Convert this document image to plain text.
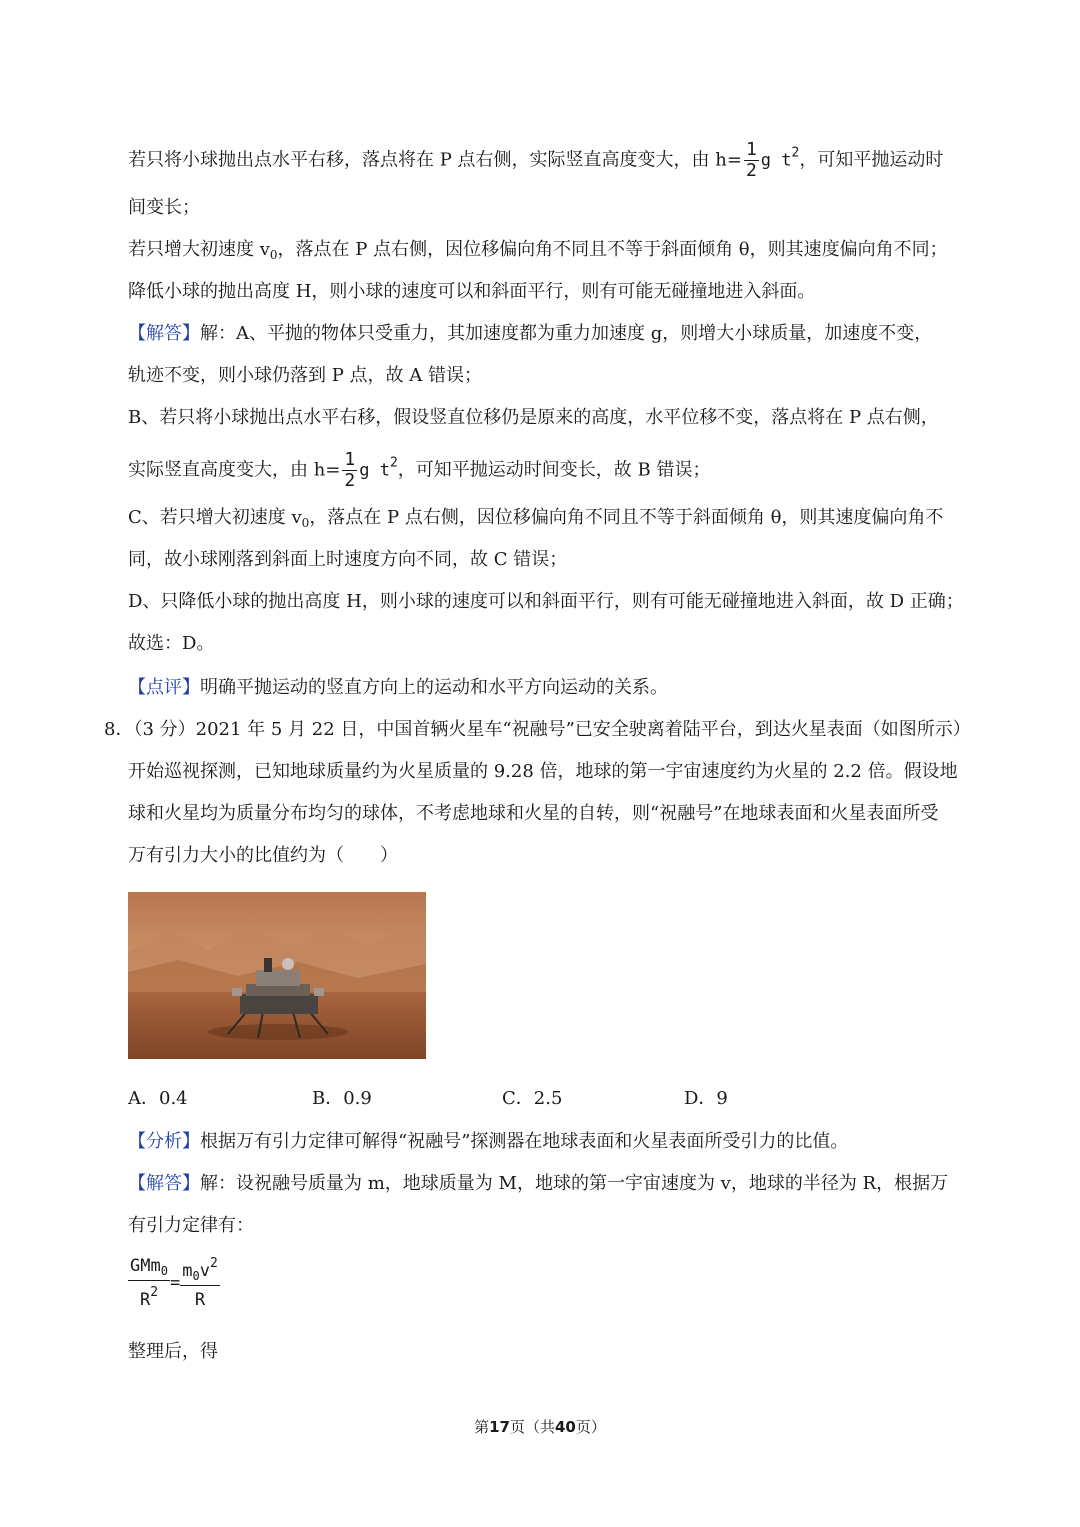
若只将小球抛出点水平右移，落点将在 P 点右侧，实际竖直高度变大，由 $h= \frac{1}{2}$ g $t^2$，可知平抛运动时
间变长；
若只增大初速度 $v_0$，落点在 P 点右侧，因位移偏向角不同且不等于斜面倾角 θ，则其速度偏向角不同；
降低小球的抛出高度 H，则小球的速度可以和斜面平行，则有可能无碰撞地进入斜面。
【解答】解：A、平抛的物体只受重力，其加速度都为重力加速度 g，则增大小球质量，加速度不变，
轨迹不变，则小球仍落到 P 点，故 A 错误；
B、若只将小球抛出点水平右移，假设竖直位移仍是原来的高度，水平位移不变，落点将在 P 点右侧，
实际竖直高度变大，由 $h= \frac{1}{2}$ g $t^2$，可知平抛运动时间变长，故 B 错误；
C、若只增大初速度 $v_0$，落点在 P 点右侧，因位移偏向角不同且不等于斜面倾角 θ，则其速度偏向角不
同，故小球刚落到斜面上时速度方向不同，故 C 错误；
D、只降低小球的抛出高度 H，则小球的速度可以和斜面平行，则有可能无碰撞地进入斜面，故 D 正确；
故选：D。
【点评】明确平抛运动的竖直方向上的运动和水平方向运动的关系。
8．（3 分）2021 年 5 月 22 日，中国首辆火星车“祝融号”已安全驶离着陆平台，到达火星表面（如图所示）
开始巡视探测，已知地球质量约为火星质量的 9.28 倍，地球的第一宇宙速度约为火星的 2.2 倍。假设地
球和火星均为质量分布均匀的球体，不考虑地球和火星的自转，则“祝融号”在地球表面和火星表面所受
万有引力大小的比值约为（　　）
A．0.4	B．0.9	C．2.5	D．9
【分析】根据万有引力定律可解得“祝融号”探测器在地球表面和火星表面所受引力的比值。
【解答】解：设祝融号质量为 m，地球质量为 M，地球的第一宇宙速度为 v，地球的半径为 R，根据万
有引力定律有：
GMm$_0$
$R^2 = \frac{m_0v^2}{R}$
整理后，得
第17页（共40页）
